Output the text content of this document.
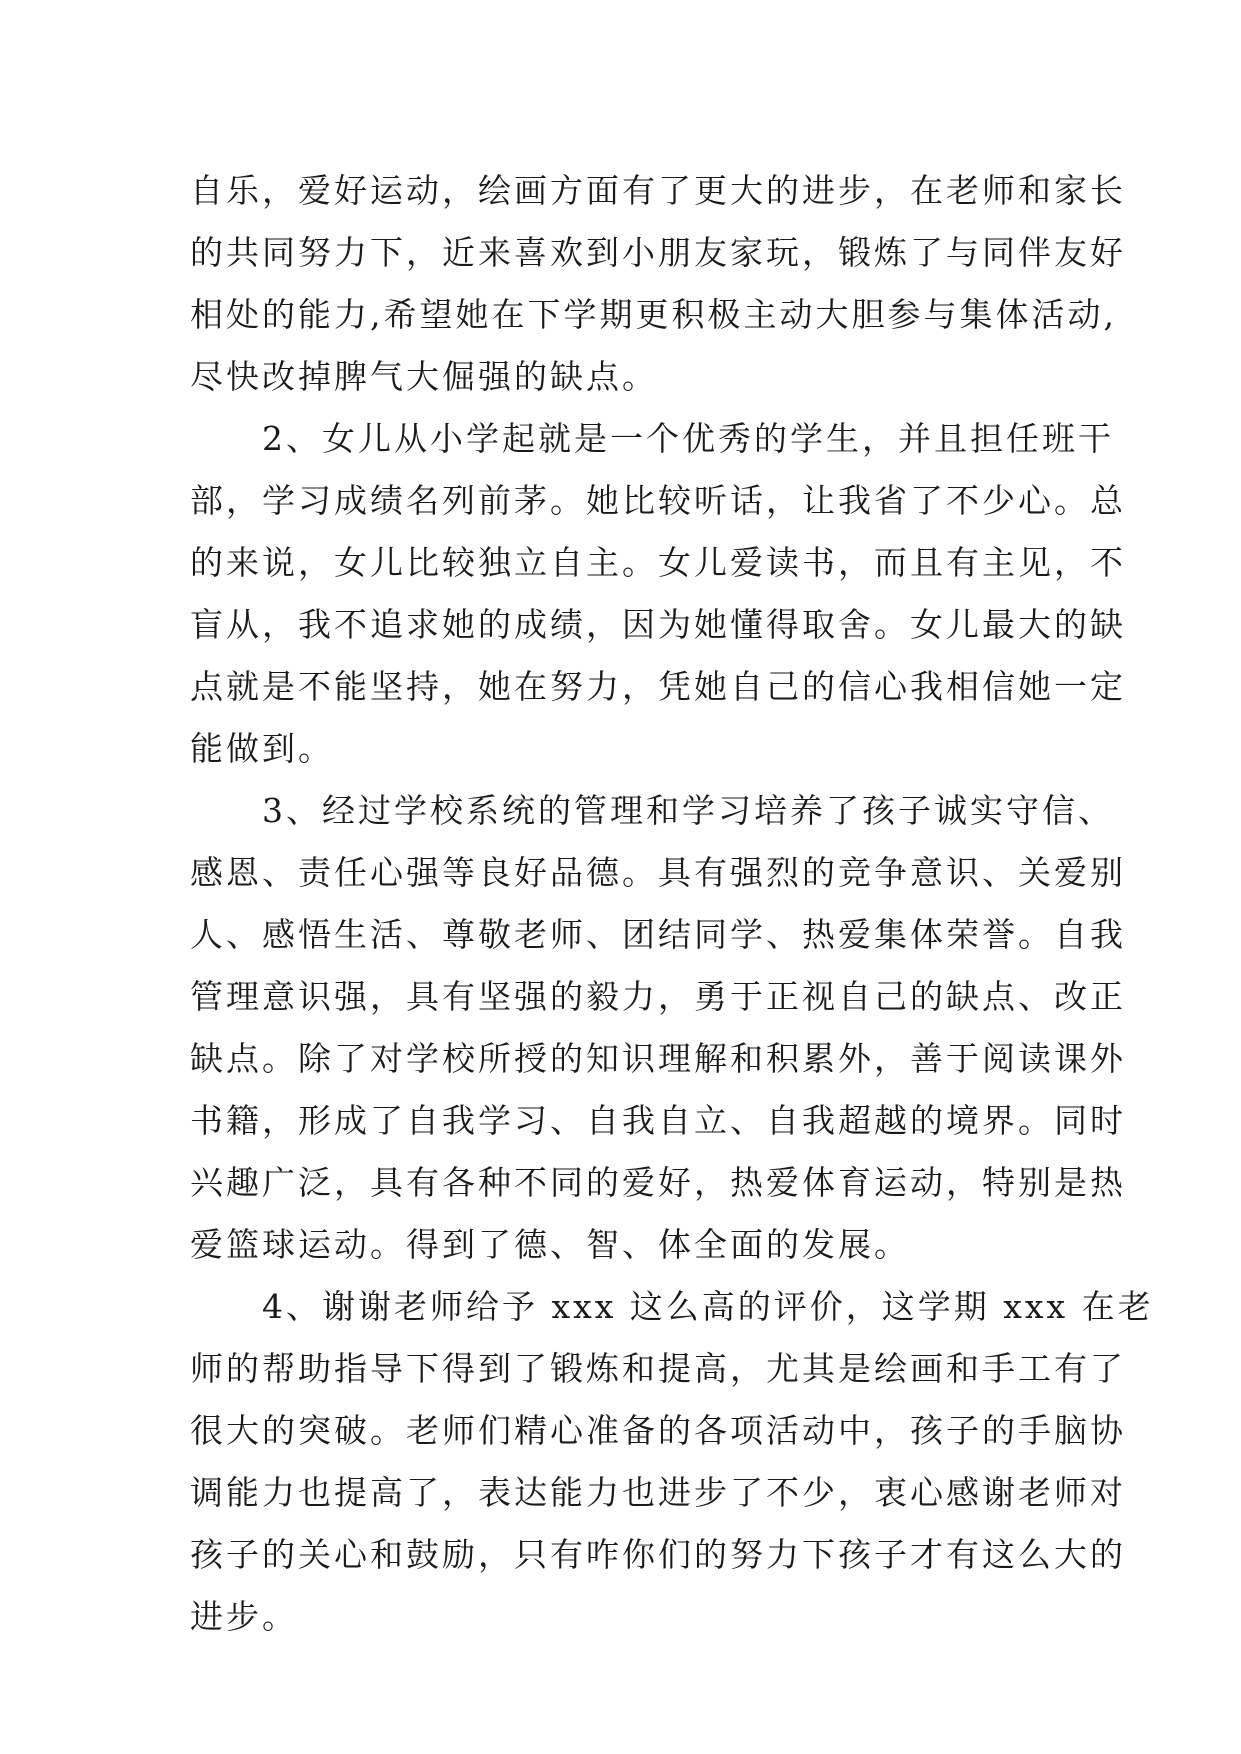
自乐，爱好运动，绘画方面有了更大的进步，在老师和家长
的共同努力下，近来喜欢到小朋友家玩，锻炼了与同伴友好
相处的能力,希望她在下学期更积极主动大胆参与集体活动,
尽快改掉脾气大倔强的缺点。
　　2、女儿从小学起就是一个优秀的学生，并且担任班干
部，学习成绩名列前茅。她比较听话，让我省了不少心。总
的来说，女儿比较独立自主。女儿爱读书，而且有主见，不
盲从，我不追求她的成绩，因为她懂得取舍。女儿最大的缺
点就是不能坚持，她在努力，凭她自己的信心我相信她一定
能做到。
　　3、经过学校系统的管理和学习培养了孩子诚实守信、
感恩、责任心强等良好品德。具有强烈的竞争意识、关爱别
人、感悟生活、尊敬老师、团结同学、热爱集体荣誉。自我
管理意识强，具有坚强的毅力，勇于正视自己的缺点、改正
缺点。除了对学校所授的知识理解和积累外，善于阅读课外
书籍，形成了自我学习、自我自立、自我超越的境界。同时
兴趣广泛，具有各种不同的爱好，热爱体育运动，特别是热
爱篮球运动。得到了德、智、体全面的发展。
　　4、谢谢老师给予 xxx 这么高的评价，这学期 xxx 在老
师的帮助指导下得到了锻炼和提高，尤其是绘画和手工有了
很大的突破。老师们精心准备的各项活动中，孩子的手脑协
调能力也提高了，表达能力也进步了不少，衷心感谢老师对
孩子的关心和鼓励，只有咋你们的努力下孩子才有这么大的
进步。
